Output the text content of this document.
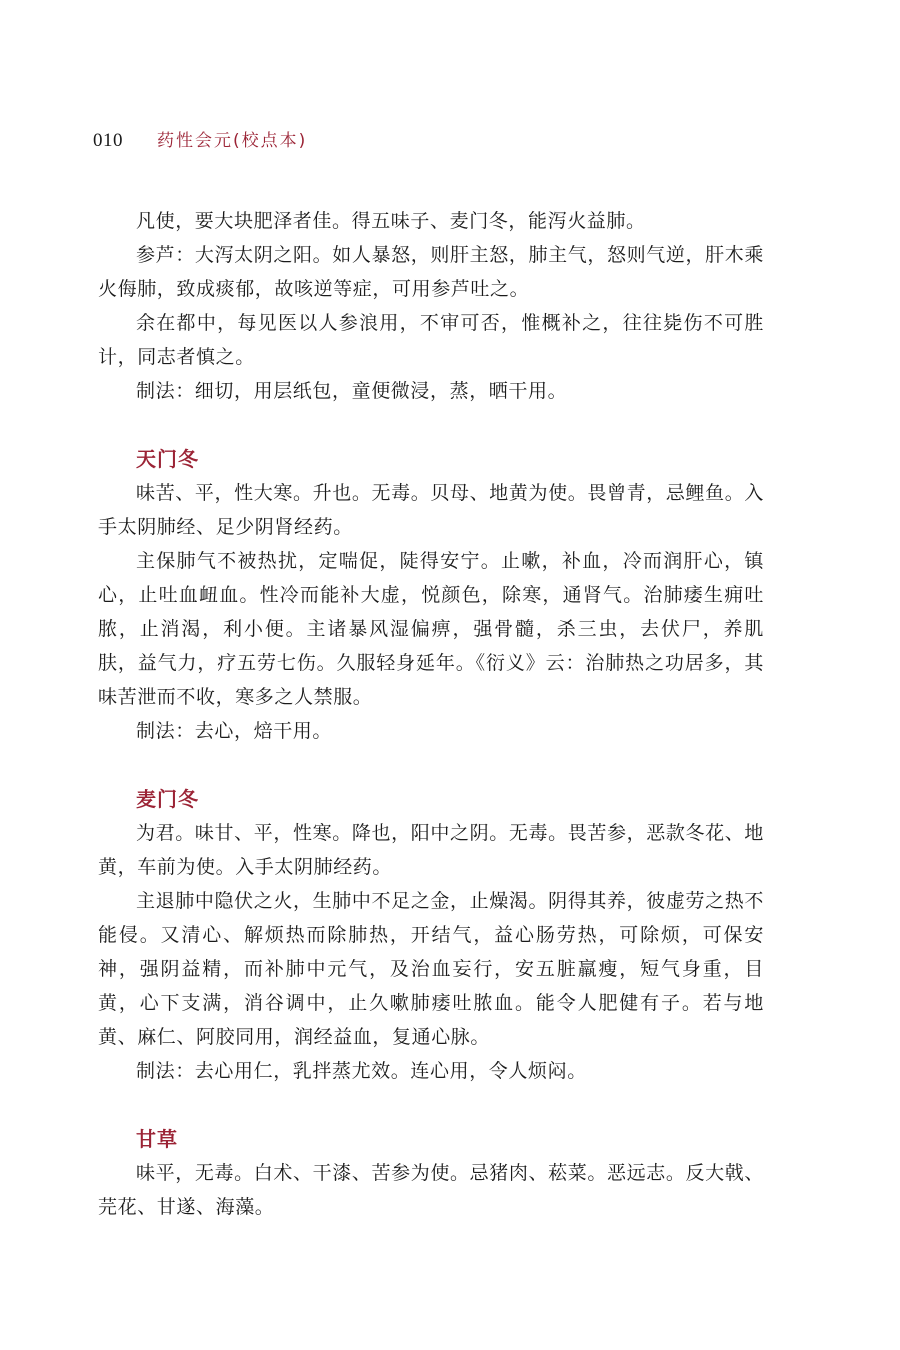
010 药性会元(校点本)

凡使，要大块肥泽者佳。得五味子、麦门冬，能泻火益肺。

参芦：大泻太阴之阳。如人暴怒，则肝主怒，肺主气，怒则气逆，肝木乘火侮肺，致成痰郁，故咳逆等症，可用参芦吐之。

余在都中，每见医以人参浪用，不审可否，惟概补之，往往毙伤不可胜计，同志者慎之。

制法：细切，用层纸包，童便微浸，蒸，晒干用。

天门冬

味苦、平，性大寒。升也。无毒。贝母、地黄为使。畏曾青，忌鲤鱼。入手太阴肺经、足少阴肾经药。

主保肺气不被热扰，定喘促，陡得安宁。止嗽，补血，冷而润肝心，镇心，止吐血衄血。性冷而能补大虚，悦颜色，除寒，通肾气。治肺痿生痈吐脓，止消渴，利小便。主诸暴风湿偏痹，强骨髓，杀三虫，去伏尸，养肌肤，益气力，疗五劳七伤。久服轻身延年。《衍义》云：治肺热之功居多，其味苦泄而不收，寒多之人禁服。

制法：去心，焙干用。

麦门冬

为君。味甘、平，性寒。降也，阳中之阴。无毒。畏苦参，恶款冬花、地黄，车前为使。入手太阴肺经药。

主退肺中隐伏之火，生肺中不足之金，止燥渴。阴得其养，彼虚劳之热不能侵。又清心、解烦热而除肺热，开结气，益心肠劳热，可除烦，可保安神，强阴益精，而补肺中元气，及治血妄行，安五脏羸瘦，短气身重，目黄，心下支满，消谷调中，止久嗽肺痿吐脓血。能令人肥健有子。若与地黄、麻仁、阿胶同用，润经益血，复通心脉。

制法：去心用仁，乳拌蒸尤效。连心用，令人烦闷。

甘草

味平，无毒。白术、干漆、苦参为使。忌猪肉、菘菜。恶远志。反大戟、芫花、甘遂、海藻。
